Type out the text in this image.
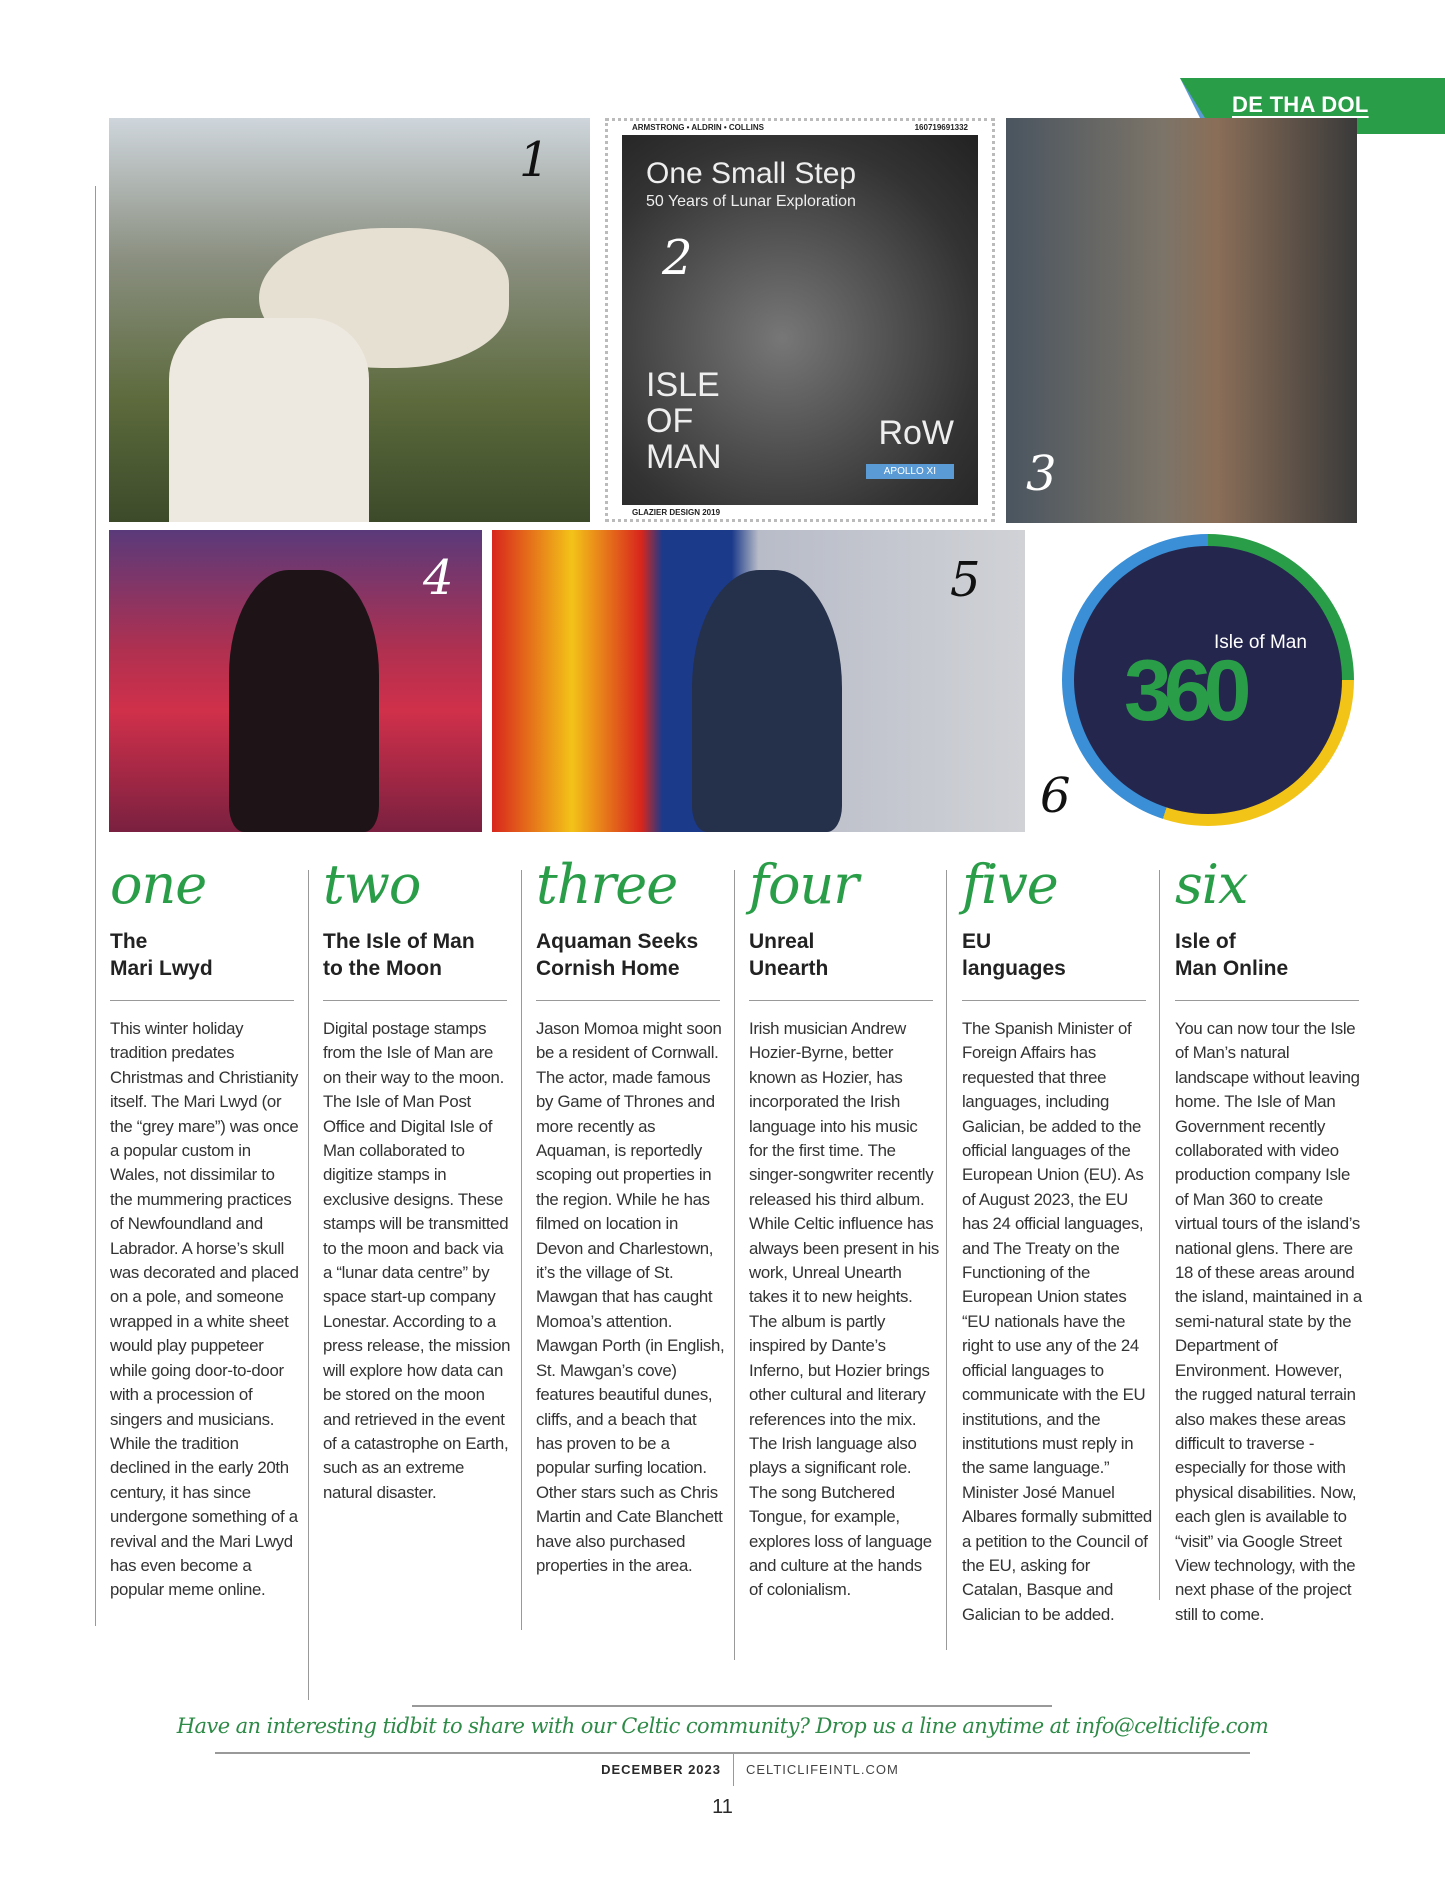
DE THA DOL
1
ARMSTRONG • ALDRIN • COLLINS	160719691332
One Small Step
50 Years of Lunar Exploration
ISLE OF MAN
RoW
APOLLO XI
GLAZIER DESIGN 2019
2
3
4	5
Isle of Man
360
6
one
The
Mari Lwyd

This winter holiday tradition predates Christmas and Christianity itself. The Mari Lwyd (or the “grey mare”) was once a popular custom in Wales, not dissimilar to the mummering practices of Newfoundland and Labrador. A horse’s skull was decorated and placed on a pole, and someone wrapped in a white sheet would play puppeteer while going door-to-door with a procession of singers and musicians. While the tradition declined in the early 20th century, it has since undergone something of a revival and the Mari Lwyd has even become a popular meme online.

two
The Isle of Man
to the Moon

Digital postage stamps from the Isle of Man are on their way to the moon. The Isle of Man Post Office and Digital Isle of Man collaborated to digitize stamps in exclusive designs. These stamps will be transmitted to the moon and back via a “lunar data centre” by space start-up company Lonestar. According to a press release, the mission will explore how data can be stored on the moon and retrieved in the event of a catastrophe on Earth, such as an extreme natural disaster.

three
Aquaman Seeks
Cornish Home

Jason Momoa might soon be a resident of Cornwall. The actor, made famous by Game of Thrones and more recently as Aquaman, is reportedly scoping out properties in the region. While he has filmed on location in Devon and Charlestown, it’s the village of St. Mawgan that has caught Momoa’s attention. Mawgan Porth (in English, St. Mawgan’s cove) features beautiful dunes, cliffs, and a beach that has proven to be a popular surfing location. Other stars such as Chris Martin and Cate Blanchett have also purchased properties in the area.

four
Unreal
Unearth

Irish musician Andrew Hozier-Byrne, better known as Hozier, has incorporated the Irish language into his music for the first time. The singer-songwriter recently released his third album. While Celtic influence has always been present in his work, Unreal Unearth takes it to new heights. The album is partly inspired by Dante’s Inferno, but Hozier brings other cultural and literary references into the mix. The Irish language also plays a significant role. The song Butchered Tongue, for example, explores loss of language and culture at the hands of colonialism.

five
EU
languages

The Spanish Minister of Foreign Affairs has requested that three languages, including Galician, be added to the official languages of the European Union (EU). As of August 2023, the EU has 24 official languages, and The Treaty on the Functioning of the European Union states “EU nationals have the right to use any of the 24 official languages to communicate with the EU institutions, and the institutions must reply in the same language.” Minister José Manuel Albares formally submitted a petition to the Council of the EU, asking for Catalan, Basque and Galician to be added.

six
Isle of
Man Online

You can now tour the Isle of Man’s natural landscape without leaving home. The Isle of Man Government recently collaborated with video production company Isle of Man 360 to create virtual tours of the island’s national glens. There are 18 of these areas around the island, maintained in a semi-natural state by the Department of Environment. However, the rugged natural terrain also makes these areas difficult to traverse - especially for those with physical disabilities. Now, each glen is available to “visit” via Google Street View technology, with the next phase of the project still to come.

Have an interesting tidbit to share with our Celtic community? Drop us a line anytime at info@celticlife.com
DECEMBER 2023 CELTICLIFEINTL.COM
11
